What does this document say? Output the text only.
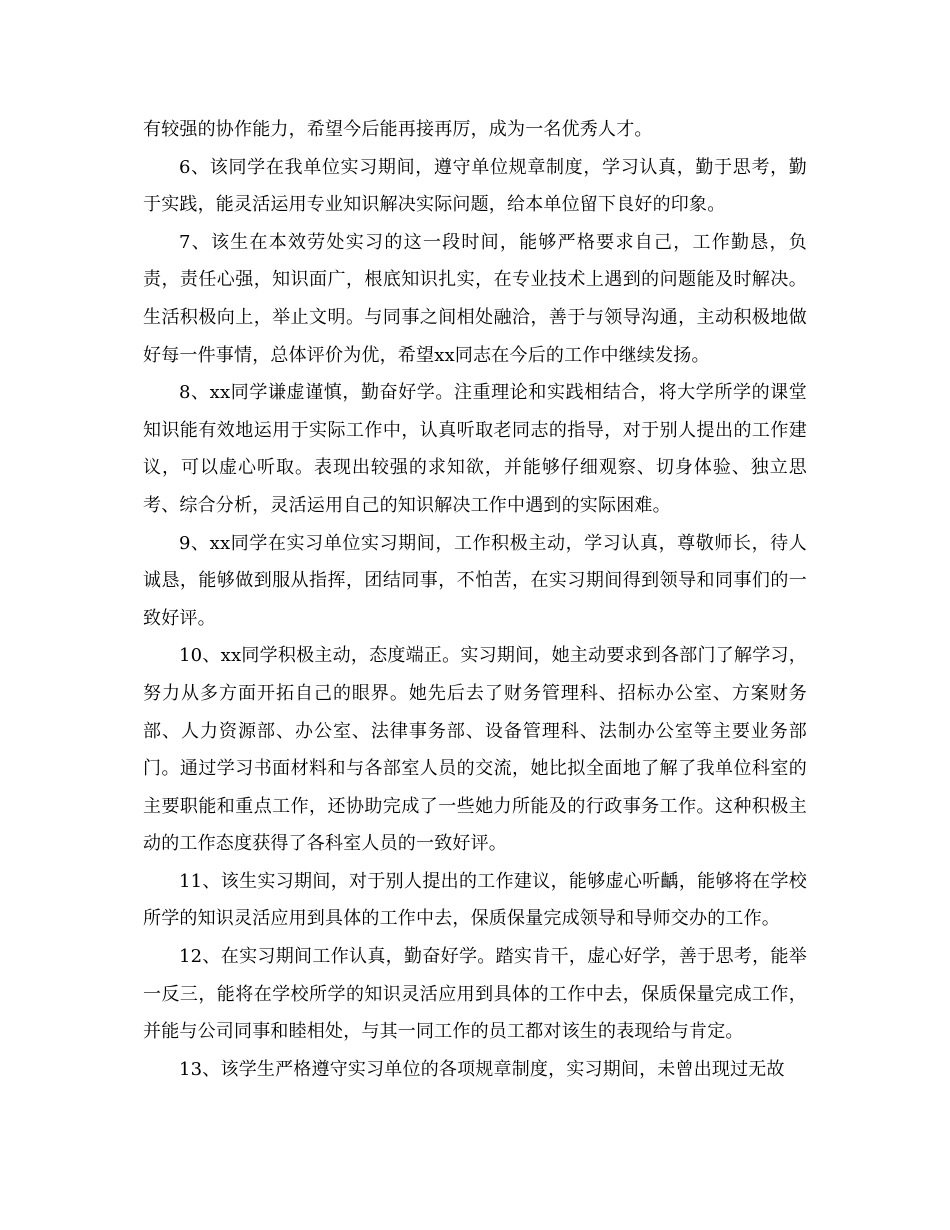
有较强的协作能力，希望今后能再接再厉，成为一名优秀人才。

6、该同学在我单位实习期间，遵守单位规章制度，学习认真，勤于思考，勤于实践，能灵活运用专业知识解决实际问题，给本单位留下良好的印象。

7、该生在本效劳处实习的这一段时间，能够严格要求自己，工作勤恳，负责，责任心强，知识面广，根底知识扎实，在专业技术上遇到的问题能及时解决。生活积极向上，举止文明。与同事之间相处融洽，善于与领导沟通，主动积极地做好每一件事情，总体评价为优，希望xx同志在今后的工作中继续发扬。

8、xx同学谦虚谨慎，勤奋好学。注重理论和实践相结合，将大学所学的课堂知识能有效地运用于实际工作中，认真听取老同志的指导，对于别人提出的工作建议，可以虚心听取。表现出较强的求知欲，并能够仔细观察、切身体验、独立思考、综合分析，灵活运用自己的知识解决工作中遇到的实际困难。

9、xx同学在实习单位实习期间，工作积极主动，学习认真，尊敬师长，待人诚恳，能够做到服从指挥，团结同事，不怕苦，在实习期间得到领导和同事们的一致好评。

10、xx同学积极主动，态度端正。实习期间，她主动要求到各部门了解学习，努力从多方面开拓自己的眼界。她先后去了财务管理科、招标办公室、方案财务部、人力资源部、办公室、法律事务部、设备管理科、法制办公室等主要业务部门。通过学习书面材料和与各部室人员的交流，她比拟全面地了解了我单位科室的主要职能和重点工作，还协助完成了一些她力所能及的行政事务工作。这种积极主动的工作态度获得了各科室人员的一致好评。

11、该生实习期间，对于别人提出的工作建议，能够虚心听齲，能够将在学校所学的知识灵活应用到具体的工作中去，保质保量完成领导和导师交办的工作。

12、在实习期间工作认真，勤奋好学。踏实肯干，虚心好学，善于思考，能举一反三，能将在学校所学的知识灵活应用到具体的工作中去，保质保量完成工作，并能与公司同事和睦相处，与其一同工作的员工都对该生的表现给与肯定。

13、该学生严格遵守实习单位的各项规章制度，实习期间，未曾出现过无故
